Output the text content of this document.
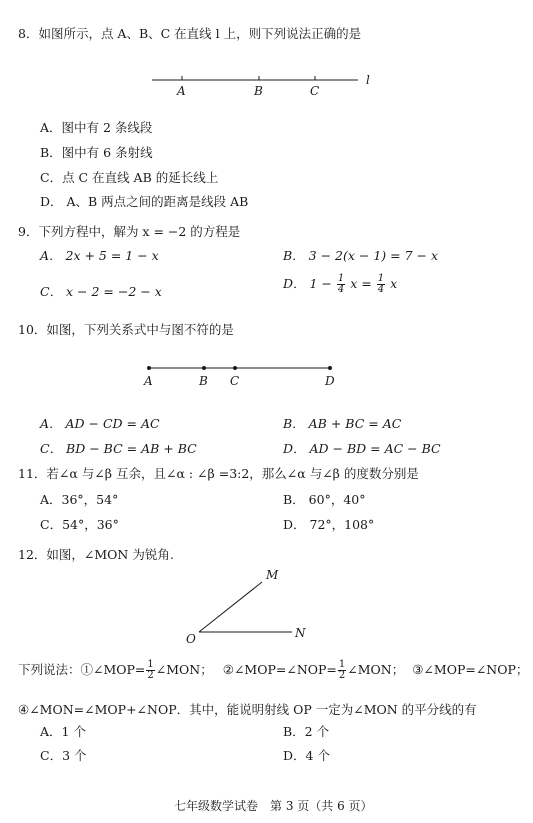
8．如图所示，点 A、B、C 在直线 l 上，则下列说法正确的是
A	B	C
l
A．图中有 2 条线段
B．图中有 6 条射线
C．点 C 在直线 AB 的延长线上
D． A、B 两点之间的距离是线段 AB
9．下列方程中，解为 x = −2 的方程是
A． 2x + 5 = 1 − x	B． 3 − 2(x − 1) = 7 − x
C． x − 2 = −2 − x
D． $1 - \frac{1}{4}$ $x = \frac{1}{4}$ x
10．如图，下列关系式中与图不符的是
A	B C	D
A． AD − CD = AC	B． AB + BC = AC
C． BD − BC = AB + BC	D． AD − BD = AC − BC
11．若∠α 与∠β 互余，且∠α : ∠β =3:2，那么∠α 与∠β 的度数分别是
A．36°，54°	B． 60°，40°
C．54°，36°	D． 72°，108°
12．如图，∠MON 为锐角.
M
O	N
下列说法：①∠MOP= $\frac{1}{2}$ ∠MON； ②∠MOP=∠NOP= $\frac{1}{2}$ ∠MON； ③∠MOP=∠NOP；
④∠MON=∠MOP+∠NOP．其中，能说明射线 OP 一定为∠MON 的平分线的有
A．1 个	B．2 个
C．3 个	D．4 个
七年级数学试卷　第 3 页（共 6 页）
